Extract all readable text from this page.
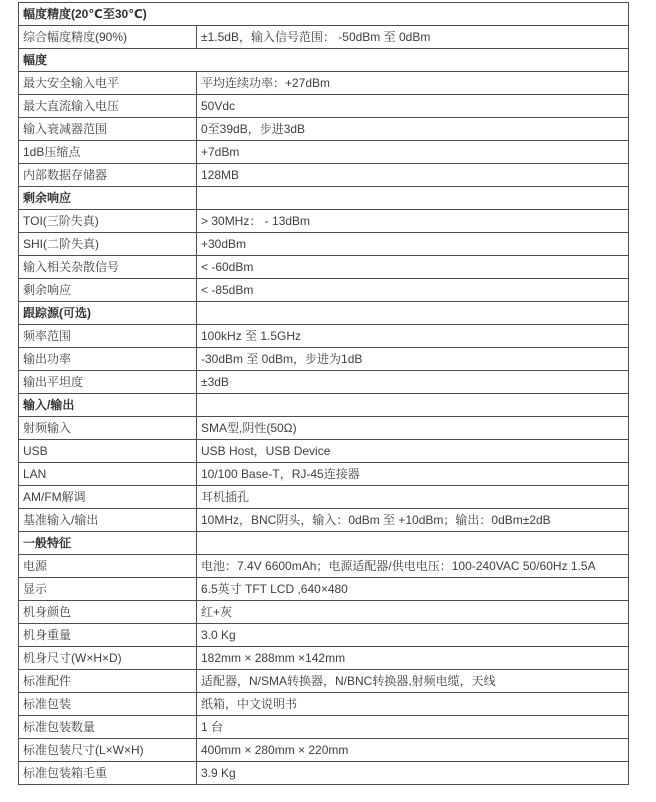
幅度精度(20℃至30℃)	
综合幅度精度(90%)	±1.5dB，输入信号范围： -50dBm 至 0dBm
幅度	
最大安全输入电平	平均连续功率：+27dBm
最大直流输入电压	50Vdc
输入衰减器范围	0至39dB，步进3dB
1dB压缩点	+7dBm
内部数据存储器	128MB
剩余响应	
TOI(三阶失真)	> 30MHz： - 13dBm
SHI(二阶失真)	+30dBm
输入相关杂散信号	< -60dBm
剩余响应	< -85dBm
跟踪源(可选)	
频率范围	100kHz 至 1.5GHz
输出功率	-30dBm 至 0dBm，步进为1dB
输出平坦度	±3dB
输入/输出	
射频输入	SMA型,阴性(50Ω)
USB	USB Host，USB Device
LAN	10/100 Base-T，RJ-45连接器
AM/FM解调	耳机插孔
基准输入/输出	10MHz，BNC阴头，输入：0dBm 至 +10dBm；输出：0dBm±2dB
一般特征	
电源	电池：7.4V 6600mAh；电源适配器/供电电压：100-240VAC 50/60Hz 1.5A
显示	6.5英寸 TFT LCD ,640×480
机身颜色	红+灰
机身重量	3.0 Kg
机身尺寸(W×H×D)	182mm × 288mm ×142mm
标准配件	适配器，N/SMA转换器，N/BNC转换器,射频电缆，天线
标准包装	纸箱，中文说明书
标准包装数量	1 台
标准包装尺寸(L×W×H)	400mm × 280mm × 220mm
标准包装箱毛重	3.9 Kg
